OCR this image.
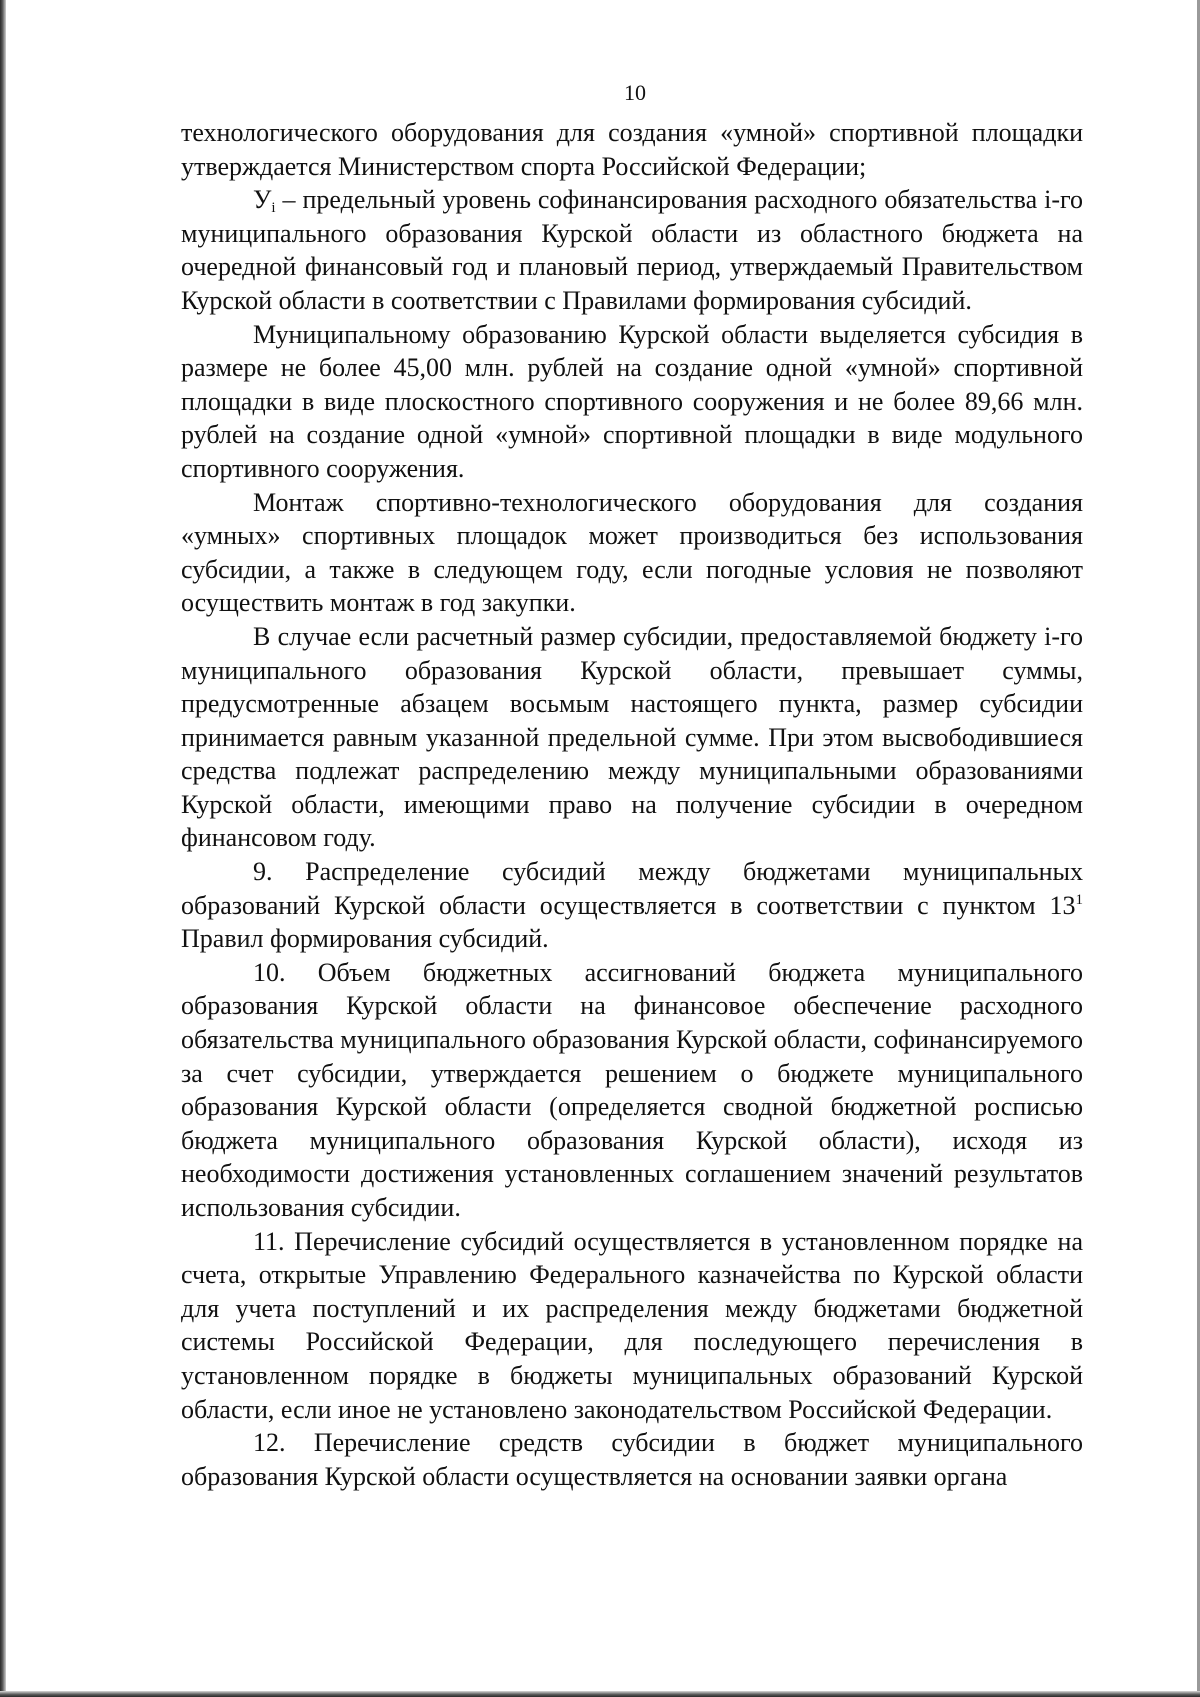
10

технологического оборудования для создания «умной» спортивной площадки утверждается Министерством спорта Российской Федерации;

$У_i$ – предельный уровень софинансирования расходного обязательства i-го муниципального образования Курской области из областного бюджета на очередной финансовый год и плановый период, утверждаемый Правительством Курской области в соответствии с Правилами формирования субсидий.

Муниципальному образованию Курской области выделяется субсидия в размере не более 45,00 млн. рублей на создание одной «умной» спортивной площадки в виде плоскостного спортивного сооружения и не более 89,66 млн. рублей на создание одной «умной» спортивной площадки в виде модульного спортивного сооружения.

Монтаж спортивно-технологического оборудования для создания «умных» спортивных площадок может производиться без использования субсидии, а также в следующем году, если погодные условия не позволяют осуществить монтаж в год закупки.

В случае если расчетный размер субсидии, предоставляемой бюджету i-го муниципального образования Курской области, превышает суммы, предусмотренные абзацем восьмым настоящего пункта, размер субсидии принимается равным указанной предельной сумме. При этом высвободившиеся средства подлежат распределению между муниципальными образованиями Курской области, имеющими право на получение субсидии в очередном финансовом году.

9. Распределение субсидий между бюджетами муниципальных образований Курской области осуществляется в соответствии с пунктом $13^1$ Правил формирования субсидий.

10. Объем бюджетных ассигнований бюджета муниципального образования Курской области на финансовое обеспечение расходного обязательства муниципального образования Курской области, софинансируемого за счет субсидии, утверждается решением о бюджете муниципального образования Курской области (определяется сводной бюджетной росписью бюджета муниципального образования Курской области), исходя из необходимости достижения установленных соглашением значений результатов использования субсидии.

11. Перечисление субсидий осуществляется в установленном порядке на счета, открытые Управлению Федерального казначейства по Курской области для учета поступлений и их распределения между бюджетами бюджетной системы Российской Федерации, для последующего перечисления в установленном порядке в бюджеты муниципальных образований Курской области, если иное не установлено законодательством Российской Федерации.

12. Перечисление средств субсидии в бюджет муниципального образования Курской области осуществляется на основании заявки органа
